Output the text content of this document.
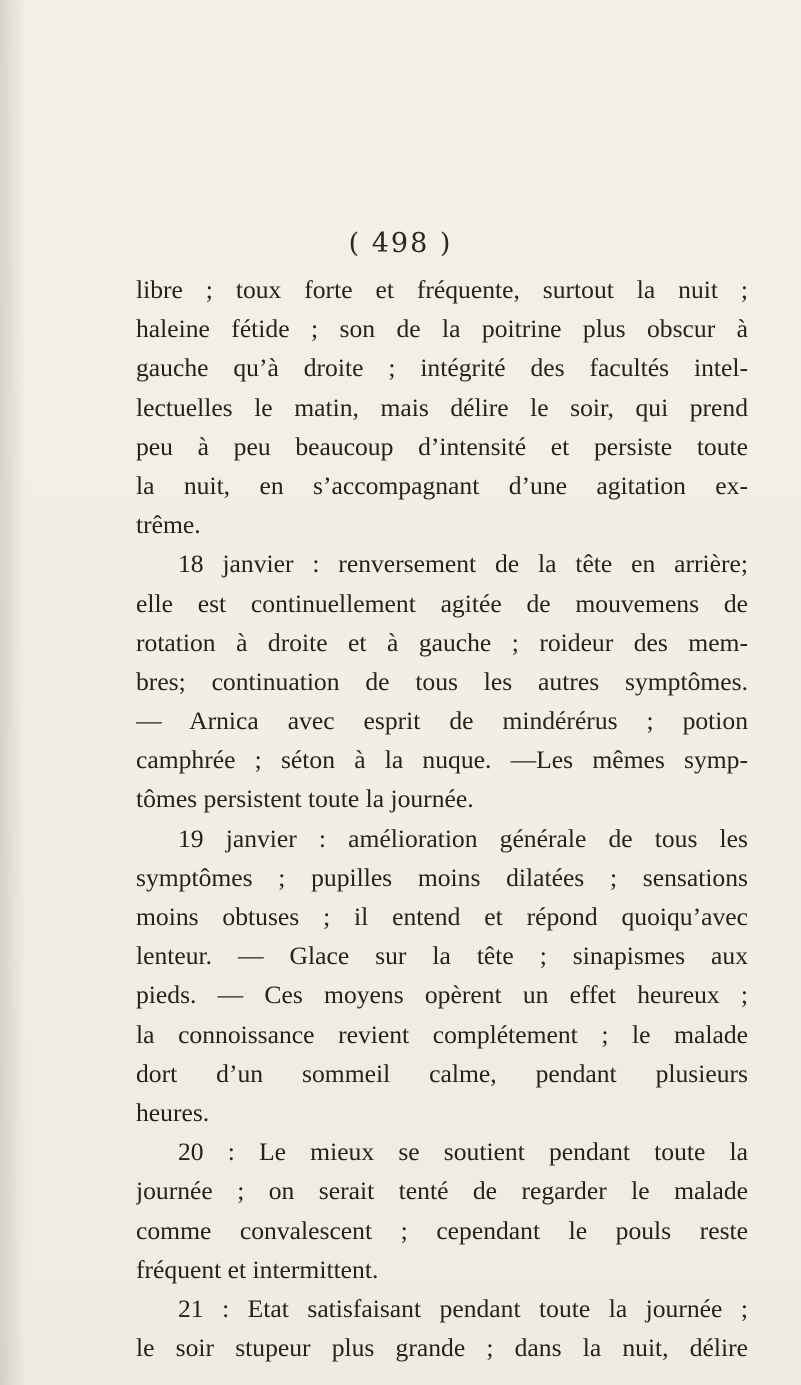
( 498 )
libre ; toux forte et fréquente, surtout la nuit ;
haleine fétide ; son de la poitrine plus obscur à
gauche qu’à droite ; intégrité des facultés intel-
lectuelles le matin, mais délire le soir, qui prend
peu à peu beaucoup d’intensité et persiste toute
la nuit, en s’accompagnant d’une agitation ex-
trême.
18 janvier : renversement de la tête en arrière;
elle est continuellement agitée de mouvemens de
rotation à droite et à gauche ; roideur des mem-
bres; continuation de tous les autres symptômes.
— Arnica avec esprit de mindérérus ; potion
camphrée ; séton à la nuque. —Les mêmes symp-
tômes persistent toute la journée.
19 janvier : amélioration générale de tous les
symptômes ; pupilles moins dilatées ; sensations
moins obtuses ; il entend et répond quoiqu’avec
lenteur. — Glace sur la tête ; sinapismes aux
pieds. — Ces moyens opèrent un effet heureux ;
la connoissance revient complétement ; le malade
dort d’un sommeil calme, pendant plusieurs
heures.
20 : Le mieux se soutient pendant toute la
journée ; on serait tenté de regarder le malade
comme convalescent ; cependant le pouls reste
fréquent et intermittent.
21 : Etat satisfaisant pendant toute la journée ;
le soir stupeur plus grande ; dans la nuit, délire
